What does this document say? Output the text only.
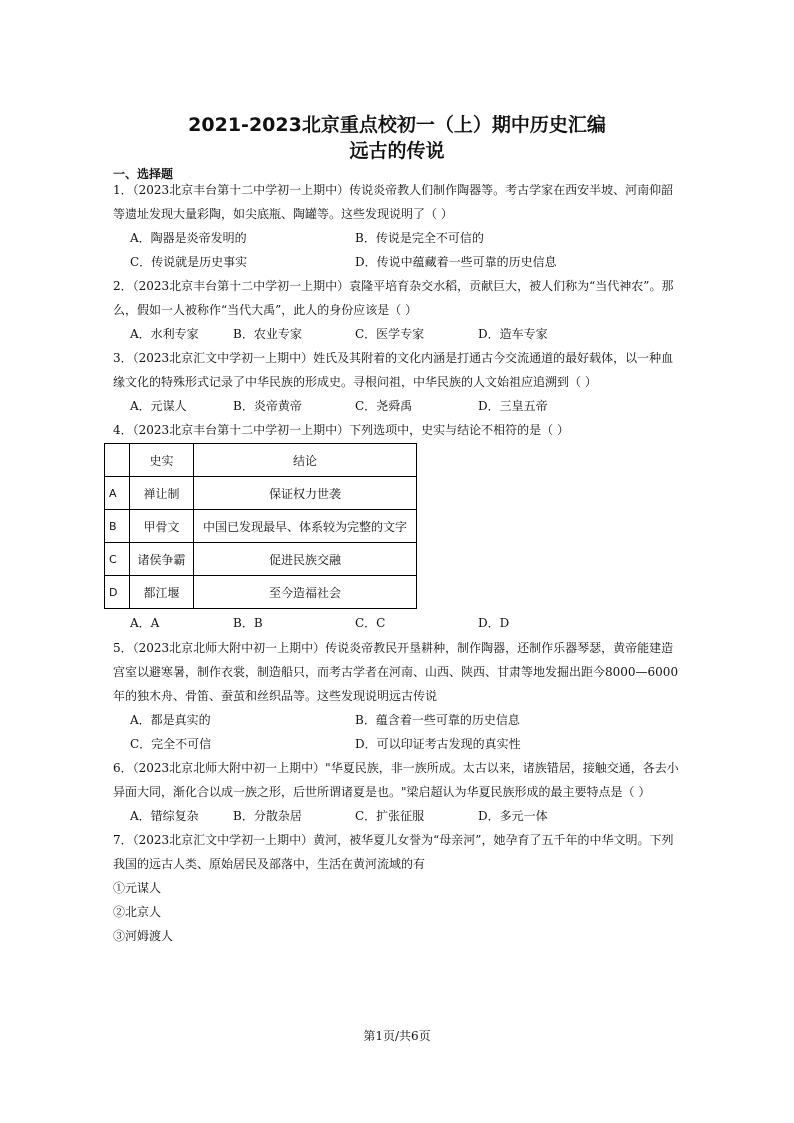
2021-2023北京重点校初一（上）期中历史汇编
远古的传说
一、选择题
1．（2023北京丰台第十二中学初一上期中）传说炎帝教人们制作陶器等。考古学家在西安半坡、河南仰韶
等遗址发现大量彩陶，如尖底瓶、陶罐等。这些发现说明了（ ）
A．陶器是炎帝发明的	B．传说是完全不可信的
C．传说就是历史事实	D．传说中蕴藏着一些可靠的历史信息
2．（2023北京丰台第十二中学初一上期中）袁隆平培育杂交水稻，贡献巨大，被人们称为“当代神农”。那
么，假如一人被称作“当代大禹”，此人的身份应该是（ ）
A．水利专家	B．农业专家	C．医学专家	D．造车专家
3．（2023北京汇文中学初一上期中）姓氏及其附着的文化内涵是打通古今交流通道的最好载体，以一种血
缘文化的特殊形式记录了中华民族的形成史。寻根问祖，中华民族的人文始祖应追溯到（ ）
A．元谋人	B．炎帝黄帝	C．尧舜禹	D．三皇五帝
4．（2023北京丰台第十二中学初一上期中）下列选项中，史实与结论不相符的是（ ）
	史实	结论
A	禅让制	保证权力世袭
B	甲骨文	中国已发现最早、体系较为完整的文字
C	诸侯争霸	促进民族交融
D	都江堰	至今造福社会
A．A	B．B	C．C	D．D
5．（2023北京北师大附中初一上期中）传说炎帝教民开垦耕种，制作陶器，还制作乐器琴瑟，黄帝能建造
宫室以避寒暑，制作衣裳，制造船只，而考古学者在河南、山西、陕西、甘肃等地发掘出距今8000—6000
年的独木舟、骨笛、蚕茧和丝织品等。这些发现说明远古传说
A．都是真实的	B．蕴含着一些可靠的历史信息
C．完全不可信	D．可以印证考古发现的真实性
6．（2023北京北师大附中初一上期中）"华夏民族，非一族所成。太古以来，诸族错居，接触交通，各去小
异面大同，渐化合以成一族之形，后世所谓诸夏是也。"梁启超认为华夏民族形成的最主要特点是（ ）
A．错综复杂	B．分散杂居	C．扩张征服	D．多元一体
7．（2023北京汇文中学初一上期中）黄河，被华夏儿女誉为“母亲河”，她孕育了五千年的中华文明。下列
我国的远古人类、原始居民及部落中，生活在黄河流域的有
①元谋人
②北京人
③河姆渡人
第1页/共6页
